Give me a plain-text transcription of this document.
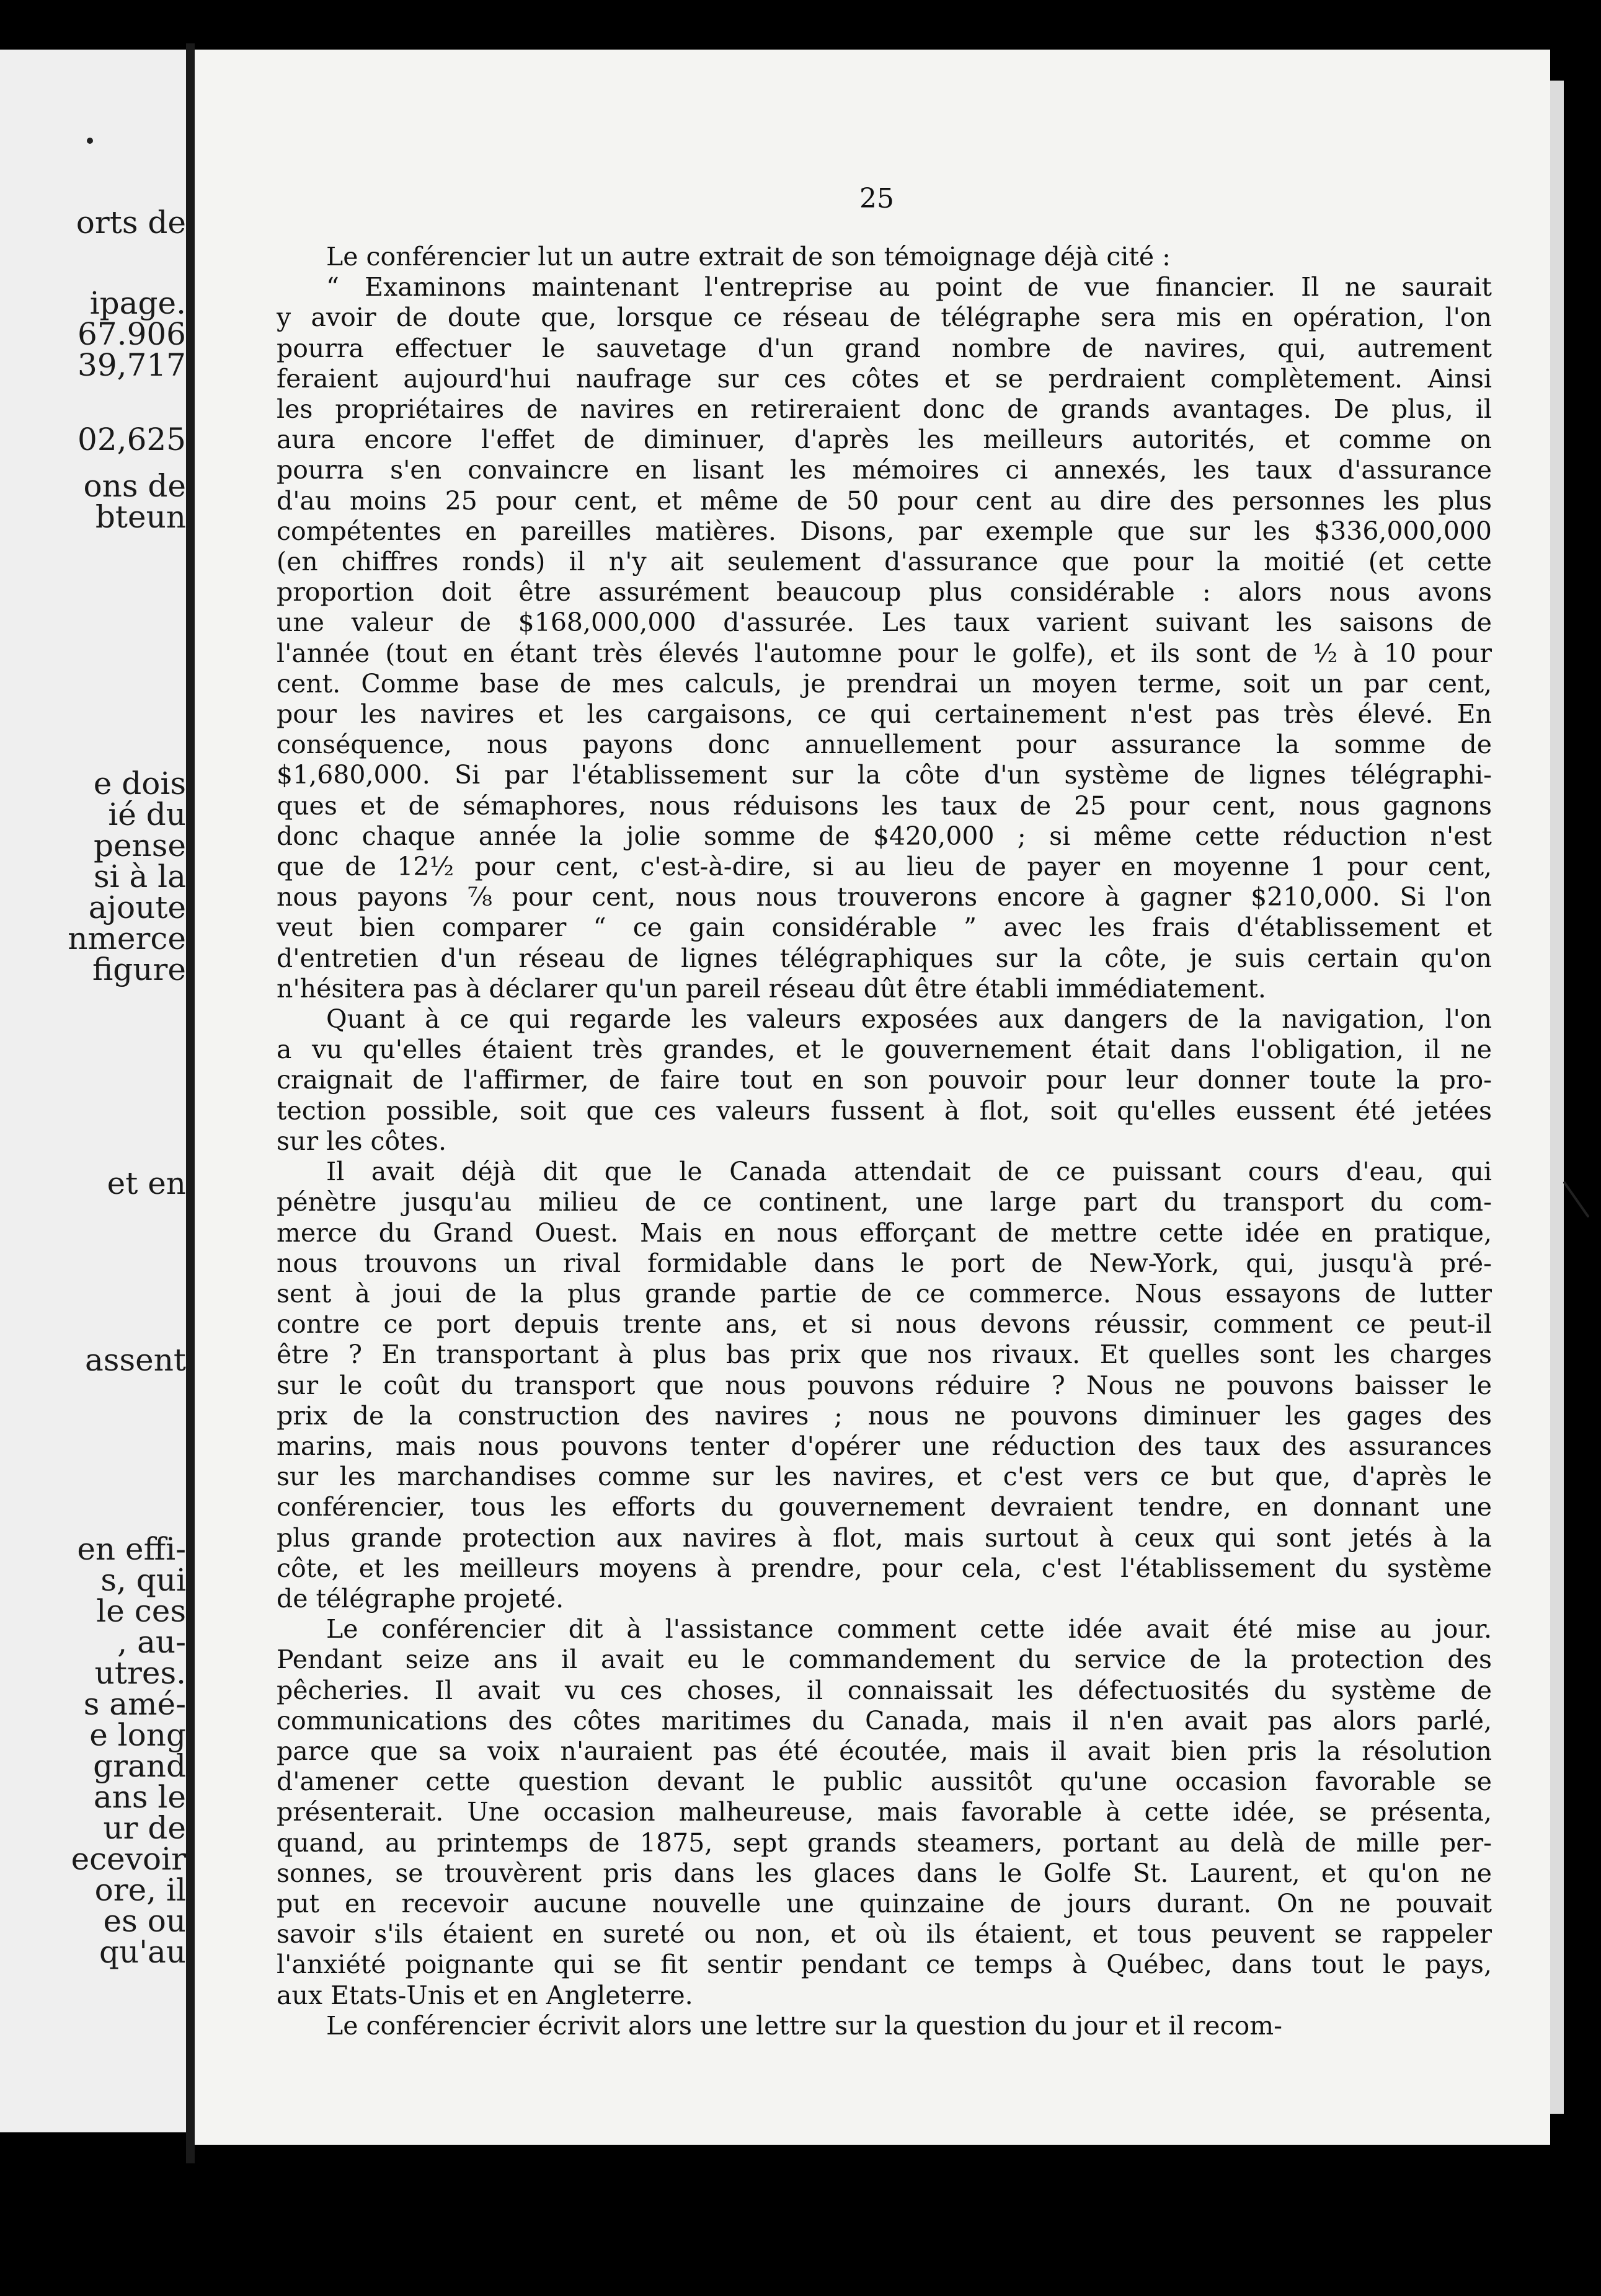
orts de
ipage.
67.906
39,717
02,625
ons de
bteun
e dois
ié du
pense
si à la
ajoute
nmerce
figure
et en
assent
en effi-
s, qui
le ces
, au-
utres.
s amé-
e long
grand
ans le
ur de
ecevoir
ore, il
es ou
qu'au
25

Le conférencier lut un autre extrait de son témoignage déjà cité :

“ Examinons maintenant l'entreprise au point de vue financier. Il ne saurait
y avoir de doute que, lorsque ce réseau de télégraphe sera mis en opération, l'on
pourra effectuer le sauvetage d'un grand nombre de navires, qui, autrement
feraient aujourd'hui naufrage sur ces côtes et se perdraient complètement. Ainsi
les propriétaires de navires en retireraient donc de grands avantages. De plus, il
aura encore l'effet de diminuer, d'après les meilleurs autorités, et comme on
pourra s'en convaincre en lisant les mémoires ci annexés, les taux d'assurance
d'au moins 25 pour cent, et même de 50 pour cent au dire des personnes les plus
compétentes en pareilles matières. Disons, par exemple que sur les $336,000,000
(en chiffres ronds) il n'y ait seulement d'assurance que pour la moitié (et cette
proportion doit être assurément beaucoup plus considérable : alors nous avons
une valeur de $168,000,000 d'assurée. Les taux varient suivant les saisons de
l'année (tout en étant très élevés l'automne pour le golfe), et ils sont de ½ à 10 pour
cent. Comme base de mes calculs, je prendrai un moyen terme, soit un par cent,
pour les navires et les cargaisons, ce qui certainement n'est pas très élevé. En
conséquence, nous payons donc annuellement pour assurance la somme de
$1,680,000. Si par l'établissement sur la côte d'un système de lignes télégraphi-
ques et de sémaphores, nous réduisons les taux de 25 pour cent, nous gagnons
donc chaque année la jolie somme de $420,000 ; si même cette réduction n'est
que de 12½ pour cent, c'est-à-dire, si au lieu de payer en moyenne 1 pour cent,
nous payons ⅞ pour cent, nous nous trouverons encore à gagner $210,000. Si l'on
veut bien comparer “ ce gain considérable ” avec les frais d'établissement et
d'entretien d'un réseau de lignes télégraphiques sur la côte, je suis certain qu'on
n'hésitera pas à déclarer qu'un pareil réseau dût être établi immédiatement.

Quant à ce qui regarde les valeurs exposées aux dangers de la navigation, l'on
a vu qu'elles étaient très grandes, et le gouvernement était dans l'obligation, il ne
craignait de l'affirmer, de faire tout en son pouvoir pour leur donner toute la pro-
tection possible, soit que ces valeurs fussent à flot, soit qu'elles eussent été jetées
sur les côtes.

Il avait déjà dit que le Canada attendait de ce puissant cours d'eau, qui
pénètre jusqu'au milieu de ce continent, une large part du transport du com-
merce du Grand Ouest. Mais en nous efforçant de mettre cette idée en pratique,
nous trouvons un rival formidable dans le port de New-York, qui, jusqu'à pré-
sent à joui de la plus grande partie de ce commerce. Nous essayons de lutter
contre ce port depuis trente ans, et si nous devons réussir, comment ce peut-il
être ? En transportant à plus bas prix que nos rivaux. Et quelles sont les charges
sur le coût du transport que nous pouvons réduire ? Nous ne pouvons baisser le
prix de la construction des navires ; nous ne pouvons diminuer les gages des
marins, mais nous pouvons tenter d'opérer une réduction des taux des assurances
sur les marchandises comme sur les navires, et c'est vers ce but que, d'après le
conférencier, tous les efforts du gouvernement devraient tendre, en donnant une
plus grande protection aux navires à flot, mais surtout à ceux qui sont jetés à la
côte, et les meilleurs moyens à prendre, pour cela, c'est l'établissement du système
de télégraphe projeté.

Le conférencier dit à l'assistance comment cette idée avait été mise au jour.
Pendant seize ans il avait eu le commandement du service de la protection des
pêcheries. Il avait vu ces choses, il connaissait les défectuosités du système de
communications des côtes maritimes du Canada, mais il n'en avait pas alors parlé,
parce que sa voix n'auraient pas été écoutée, mais il avait bien pris la résolution
d'amener cette question devant le public aussitôt qu'une occasion favorable se
présenterait. Une occasion malheureuse, mais favorable à cette idée, se présenta,
quand, au printemps de 1875, sept grands steamers, portant au delà de mille per-
sonnes, se trouvèrent pris dans les glaces dans le Golfe St. Laurent, et qu'on ne
put en recevoir aucune nouvelle une quinzaine de jours durant. On ne pouvait
savoir s'ils étaient en sureté ou non, et où ils étaient, et tous peuvent se rappeler
l'anxiété poignante qui se fit sentir pendant ce temps à Québec, dans tout le pays,
aux Etats-Unis et en Angleterre.

Le conférencier écrivit alors une lettre sur la question du jour et il recom-
